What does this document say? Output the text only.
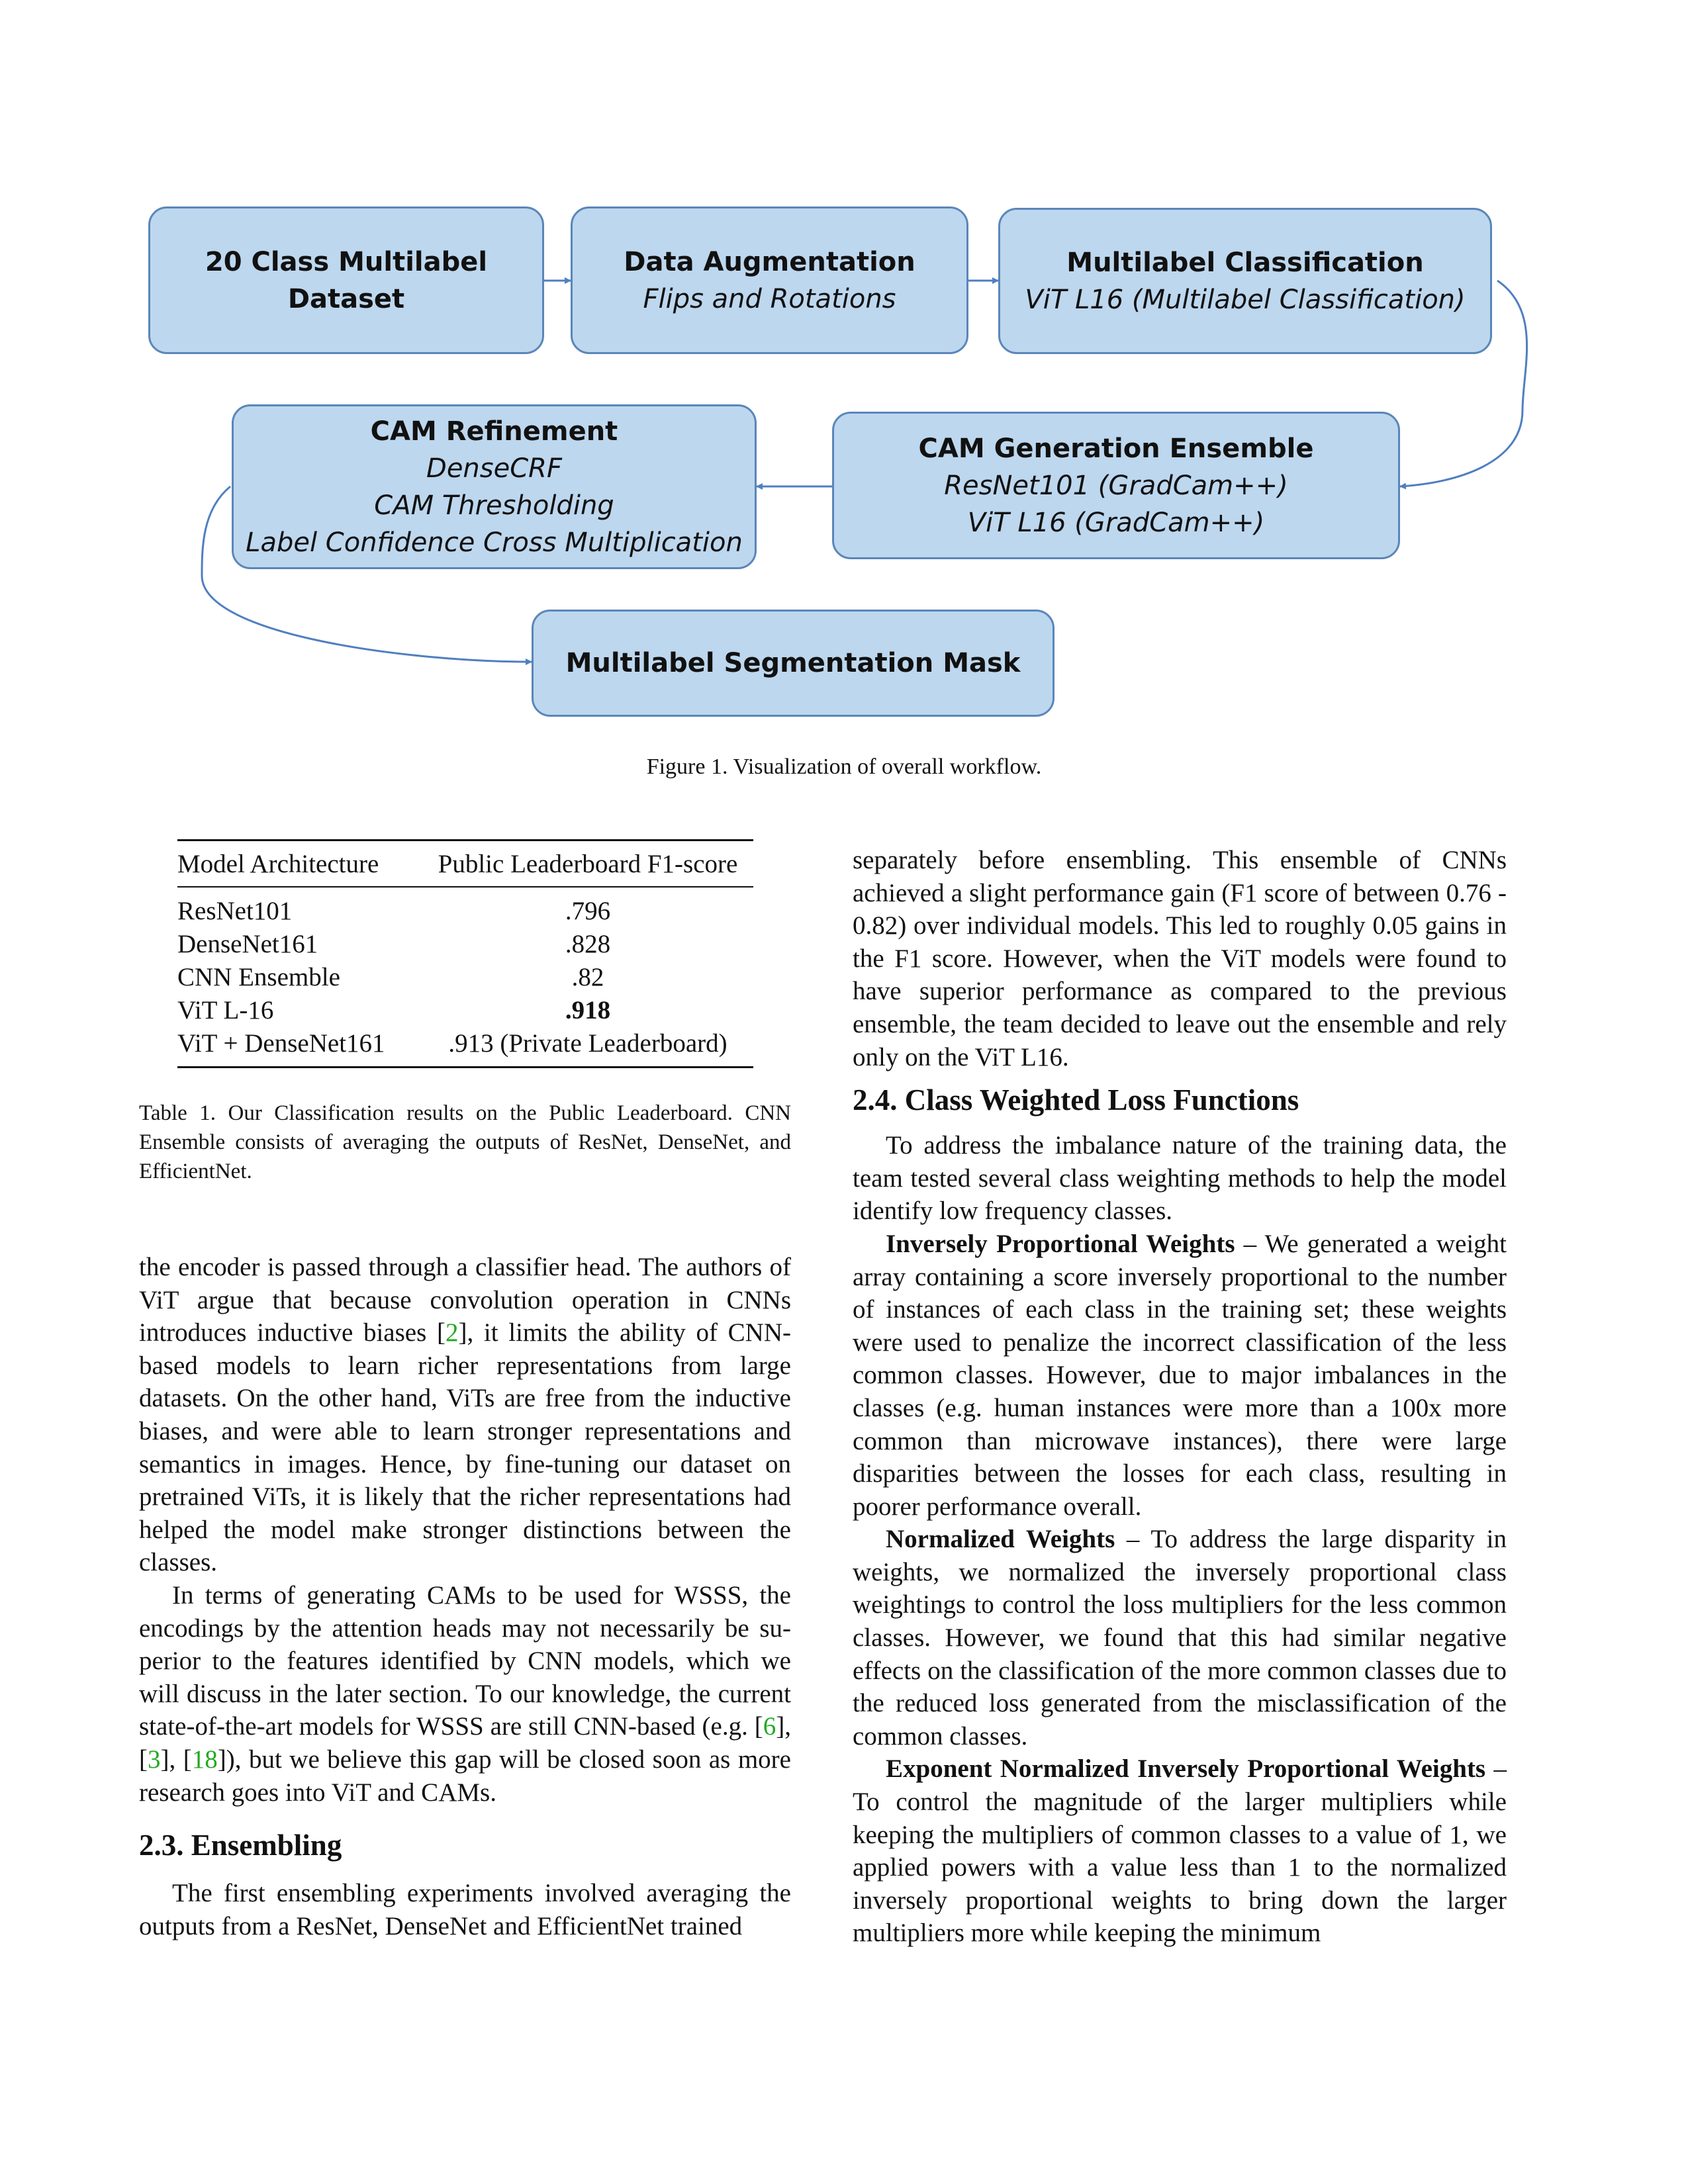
20 Class Multilabel Dataset
Data Augmentation
Flips and Rotations
Multilabel Classification
ViT L16 (Multilabel Classification)
CAM Refinement
DenseCRF
CAM Thresholding
Label Confidence Cross Multiplication
CAM Generation Ensemble
ResNet101 (GradCam++)
ViT L16 (GradCam++)
Multilabel Segmentation Mask
Figure 1. Visualization of overall workflow.
Model Architecture	Public Leaderboard F1-score
ResNet101	.796
DenseNet161	.828
CNN Ensemble	.82
ViT L-16	.918
ViT + DenseNet161	.913 (Private Leaderboard)
Table 1. Our Classification results on the Public Leaderboard. CNN Ensemble consists of averaging the outputs of ResNet, DenseNet, and EfficientNet.

the encoder is passed through a classifier head. The authors of ViT argue that because convolution operation in CNNs introduces inductive biases [2], it limits the ability of CNN-based models to learn richer representations from large datasets. On the other hand, ViTs are free from the inductive biases, and were able to learn stronger representations and semantics in images. Hence, by fine-tuning our dataset on pretrained ViTs, it is likely that the richer representations had helped the model make stronger distinctions between the classes.

In terms of generating CAMs to be used for WSSS, the encodings by the attention heads may not necessarily be superior to the features identified by CNN models, which we will discuss in the later section. To our knowledge, the current state-of-the-art models for WSSS are still CNN-based (e.g. [6], [3], [18]), but we believe this gap will be closed soon as more research goes into ViT and CAMs.

2.3. Ensembling

The first ensembling experiments involved averaging the outputs from a ResNet, DenseNet and EfficientNet trained

separately before ensembling. This ensemble of CNNs achieved a slight performance gain (F1 score of between 0.76 - 0.82) over individual models. This led to roughly 0.05 gains in the F1 score. However, when the ViT models were found to have superior performance as compared to the previous ensemble, the team decided to leave out the ensemble and rely only on the ViT L16.

2.4. Class Weighted Loss Functions

To address the imbalance nature of the training data, the team tested several class weighting methods to help the model identify low frequency classes.

Inversely Proportional Weights – We generated a weight array containing a score inversely proportional to the number of instances of each class in the training set; these weights were used to penalize the incorrect classification of the less common classes. However, due to major imbalances in the classes (e.g. human instances were more than a 100x more common than microwave instances), there were large disparities between the losses for each class, resulting in poorer performance overall.

Normalized Weights – To address the large disparity in weights, we normalized the inversely proportional class weightings to control the loss multipliers for the less common classes. However, we found that this had similar negative effects on the classification of the more common classes due to the reduced loss generated from the misclassification of the common classes.

Exponent Normalized Inversely Proportional Weights – To control the magnitude of the larger multipliers while keeping the multipliers of common classes to a value of 1, we applied powers with a value less than 1 to the normalized inversely proportional weights to bring down the larger multipliers more while keeping the minimum
